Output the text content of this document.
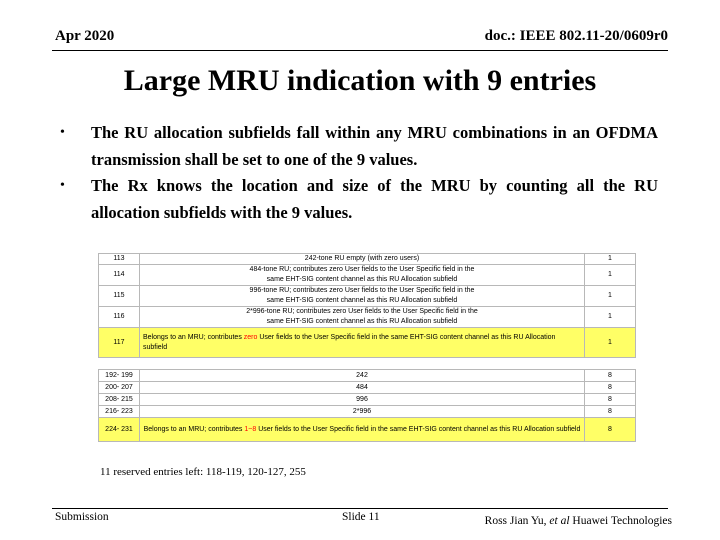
Apr 2020	doc.: IEEE 802.11-20/0609r0
Large MRU indication with 9 entries
• The RU allocation subfields fall within any MRU combinations in an OFDMA transmission shall be set to one of the 9 values.
• The Rx knows the location and size of the MRU by counting all the RU allocation subfields with the 9 values.
113	242-tone RU empty (with zero users)	1
114	484-tone RU; contributes zero User fields to the User Specific field in the
same EHT-SIG content channel as this RU Allocation subfield	1
115	996-tone RU; contributes zero User fields to the User Specific field in the
same EHT-SIG content channel as this RU Allocation subfield	1
116	2*996-tone RU; contributes zero User fields to the User Specific field in the
same EHT-SIG content channel as this RU Allocation subfield	1
117	Belongs to an MRU; contributes zero User fields to the User Specific field in the same EHT-SIG content channel as this RU Allocation subfield	1
192- 199	242	8
200- 207	484	8
208- 215	996	8
216- 223	2*996	8
224- 231	Belongs to an MRU; contributes 1~8 User fields to the User Specific field in the same EHT-SIG content channel as this RU Allocation subfield	8
11 reserved entries left: 118-119, 120-127, 255
Submission	Slide 11	Ross Jian Yu, et al Huawei Technologies
